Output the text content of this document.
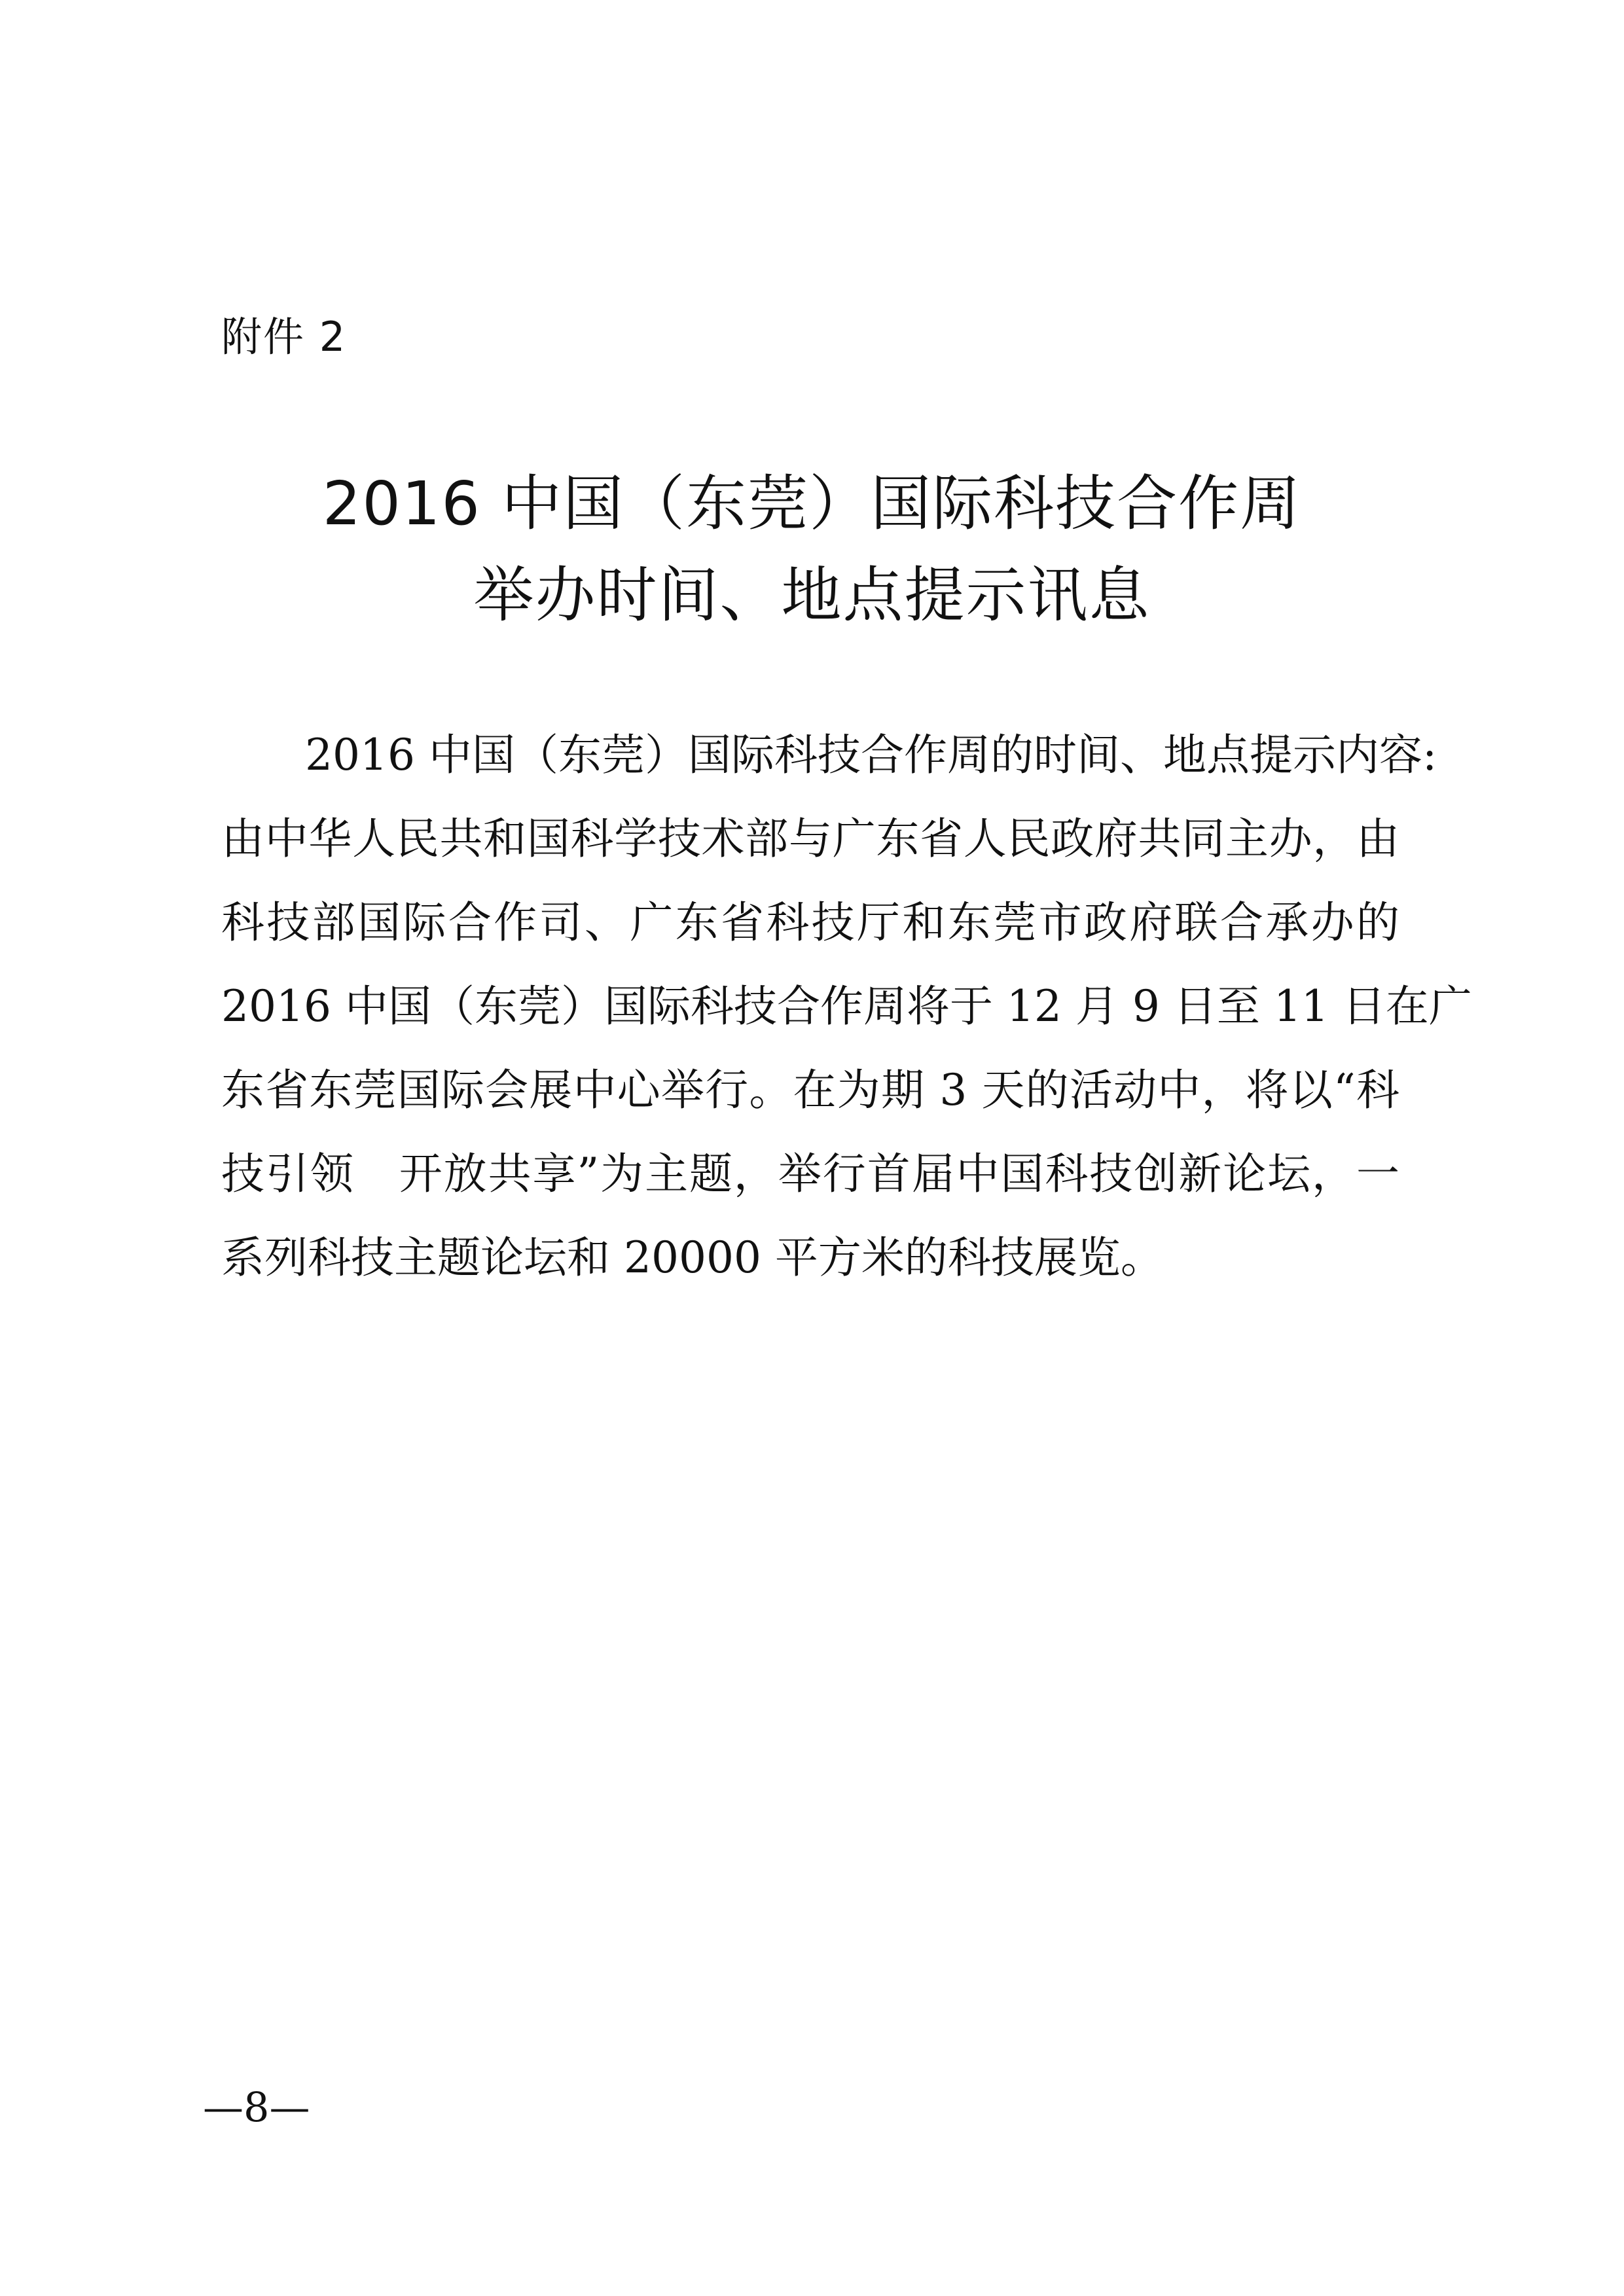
附件 2
2016 中国（东莞）国际科技合作周
举办时间、地点提示讯息
2016 中国（东莞）国际科技合作周的时间、地点提示内容:
由中华人民共和国科学技术部与广东省人民政府共同主办，由
科技部国际合作司、广东省科技厅和东莞市政府联合承办的
2016 中国（东莞）国际科技合作周将于 12 月 9 日至 11 日在广
东省东莞国际会展中心举行。在为期 3 天的活动中，将以“科
技引领　开放共享”为主题，举行首届中国科技创新论坛，一
系列科技主题论坛和 20000 平方米的科技展览。
—8—
